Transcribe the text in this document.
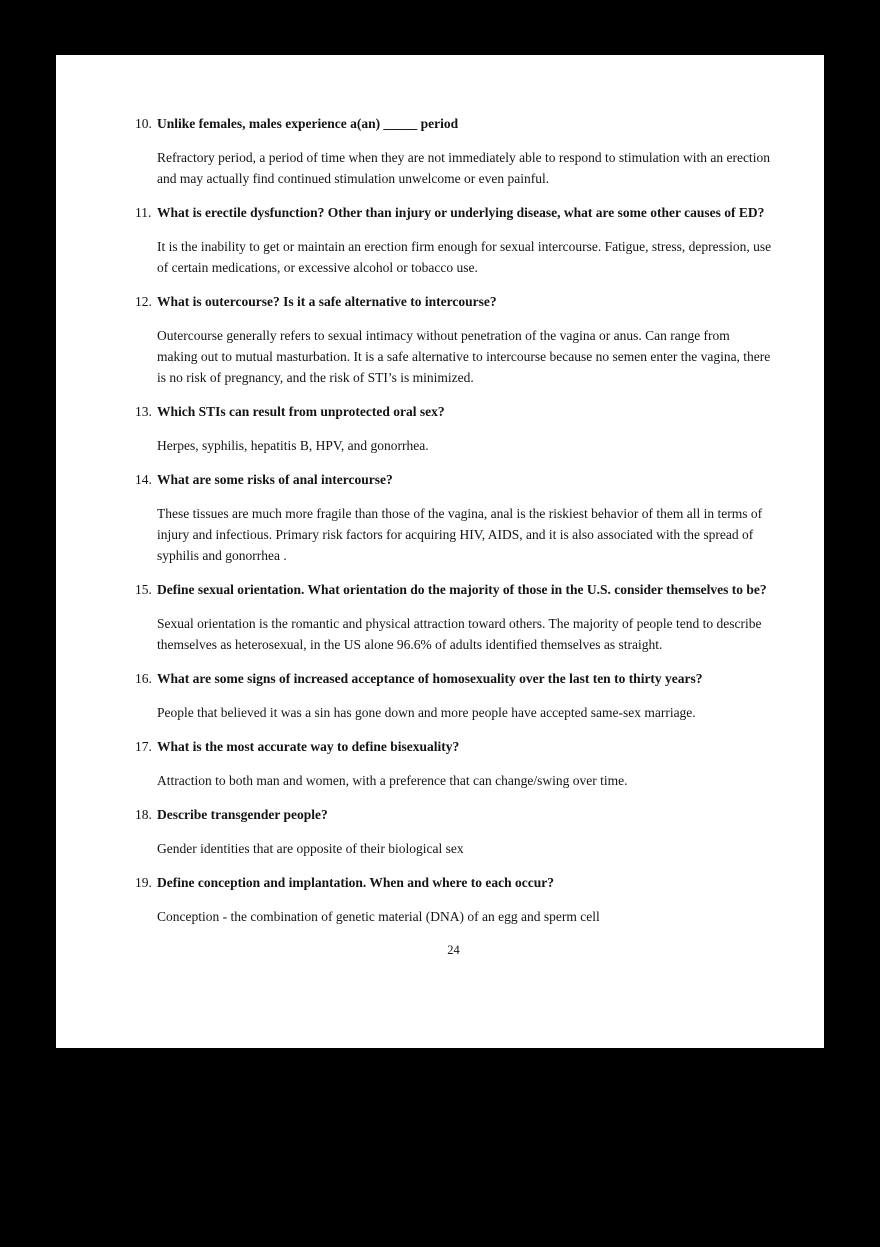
10. Unlike females, males experience a(an) _____ period
Refractory period, a period of time when they are not immediately able to respond to stimulation with an erection and may actually find continued stimulation unwelcome or even painful.
11. What is erectile dysfunction? Other than injury or underlying disease, what are some other causes of ED?
It is the inability to get or maintain an erection firm enough for sexual intercourse. Fatigue, stress, depression, use of certain medications, or excessive alcohol or tobacco use.
12. What is outercourse? Is it a safe alternative to intercourse?
Outercourse generally refers to sexual intimacy without penetration of the vagina or anus. Can range from making out to mutual masturbation. It is a safe alternative to intercourse because no semen enter the vagina, there is no risk of pregnancy, and the risk of STI’s is minimized.
13. Which STIs can result from unprotected oral sex?
Herpes, syphilis, hepatitis B, HPV, and gonorrhea.
14. What are some risks of anal intercourse?
These tissues are much more fragile than those of the vagina, anal is the riskiest behavior of them all in terms of injury and infectious. Primary risk factors for acquiring HIV, AIDS, and it is also associated with the spread of syphilis and gonorrhea .
15. Define sexual orientation. What orientation do the majority of those in the U.S. consider themselves to be?
Sexual orientation is the romantic and physical attraction toward others. The majority of people tend to describe themselves as heterosexual, in the US alone 96.6% of adults identified themselves as straight.
16. What are some signs of increased acceptance of homosexuality over the last ten to thirty years?
People that believed it was a sin has gone down and more people have accepted same-sex marriage.
17. What is the most accurate way to define bisexuality?
Attraction to both man and women, with a preference that can change/swing over time.
18. Describe transgender people?
Gender identities that are opposite of their biological sex
19. Define conception and implantation. When and where to each occur?
Conception - the combination of genetic material (DNA) of an egg and sperm cell
24
